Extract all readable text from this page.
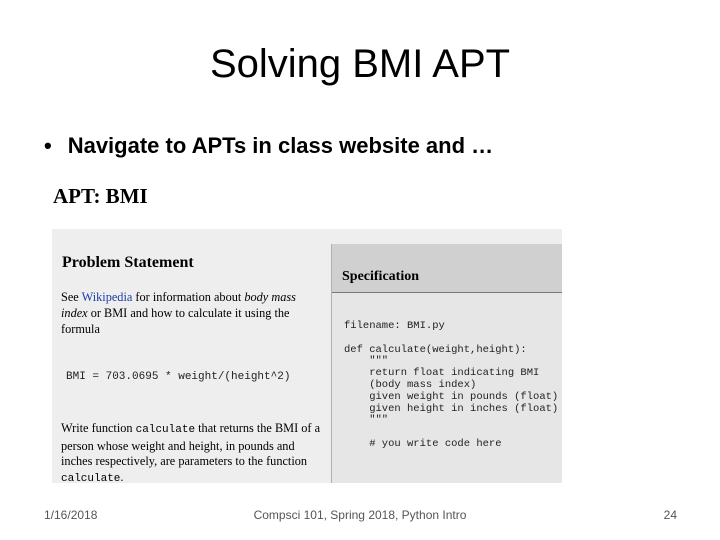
Solving BMI APT
• Navigate to APTs in class website and …
APT: BMI
Problem Statement
See Wikipedia for information about body mass index or BMI and how to calculate it using the formula
BMI = 703.0695 * weight/(height^2)
Write function calculate that returns the BMI of a person whose weight and height, in pounds and inches respectively, are parameters to the function calculate.
Specification
filename: BMI.py

def calculate(weight,height):
"""
return float indicating BMI
(body mass index)
given weight in pounds (float)
given height in inches (float)
"""

# you write code here
1/16/2018	Compsci 101, Spring 2018, Python Intro	24
